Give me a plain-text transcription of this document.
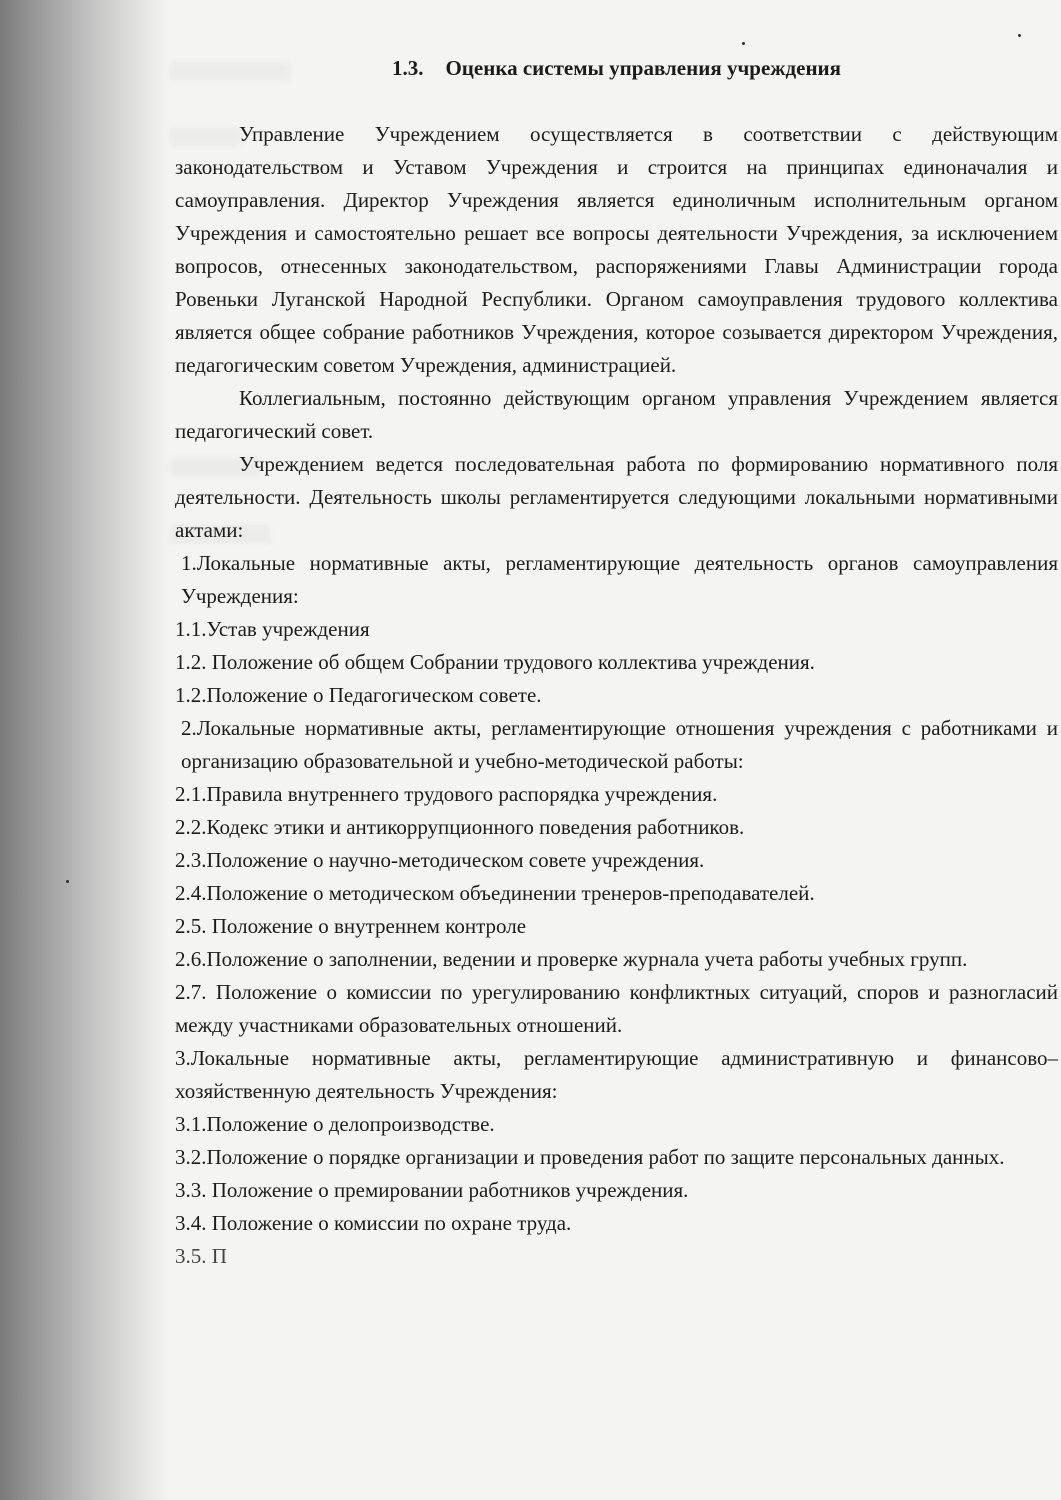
1.3. Оценка системы управления учреждения

Управление Учреждением осуществляется в соответствии с действующим законодательством и Уставом Учреждения и строится на принципах единоначалия и самоуправления. Директор Учреждения является единоличным исполнительным органом Учреждения и самостоятельно решает все вопросы деятельности Учреждения, за исключением вопросов, отнесенных законодательством, распоряжениями Главы Администрации города Ровеньки Луганской Народной Республики. Органом самоуправления трудового коллектива является общее собрание работников Учреждения, которое созывается директором Учреждения, педагогическим советом Учреждения, администрацией.

Коллегиальным, постоянно действующим органом управления Учреждением является педагогический совет.

Учреждением ведется последовательная работа по формированию нормативного поля деятельности. Деятельность школы регламентируется следующими локальными нормативными актами:

1.Локальные нормативные акты, регламентирующие деятельность органов самоуправления Учреждения:

1.1.Устав учреждения

1.2. Положение об общем Собрании трудового коллектива учреждения.

1.2.Положение о Педагогическом совете.

2.Локальные нормативные акты, регламентирующие отношения учреждения с работниками и организацию образовательной и учебно-методической работы:

2.1.Правила внутреннего трудового распорядка учреждения.

2.2.Кодекс этики и антикоррупционного поведения работников.

2.3.Положение о научно-методическом совете учреждения.

2.4.Положение о методическом объединении тренеров-преподавателей.

2.5. Положение о внутреннем контроле

2.6.Положение о заполнении, ведении и проверке журнала учета работы учебных групп.

2.7. Положение о комиссии по урегулированию конфликтных ситуаций, споров и разногласий между участниками образовательных отношений.

3.Локальные нормативные акты, регламентирующие административную и финансово–хозяйственную деятельность Учреждения:

3.1.Положение о делопроизводстве.

3.2.Положение о порядке организации и проведения работ по защите персональных данных.

3.3. Положение о премировании работников учреждения.

3.4. Положение о комиссии по охране труда.

3.5. П
